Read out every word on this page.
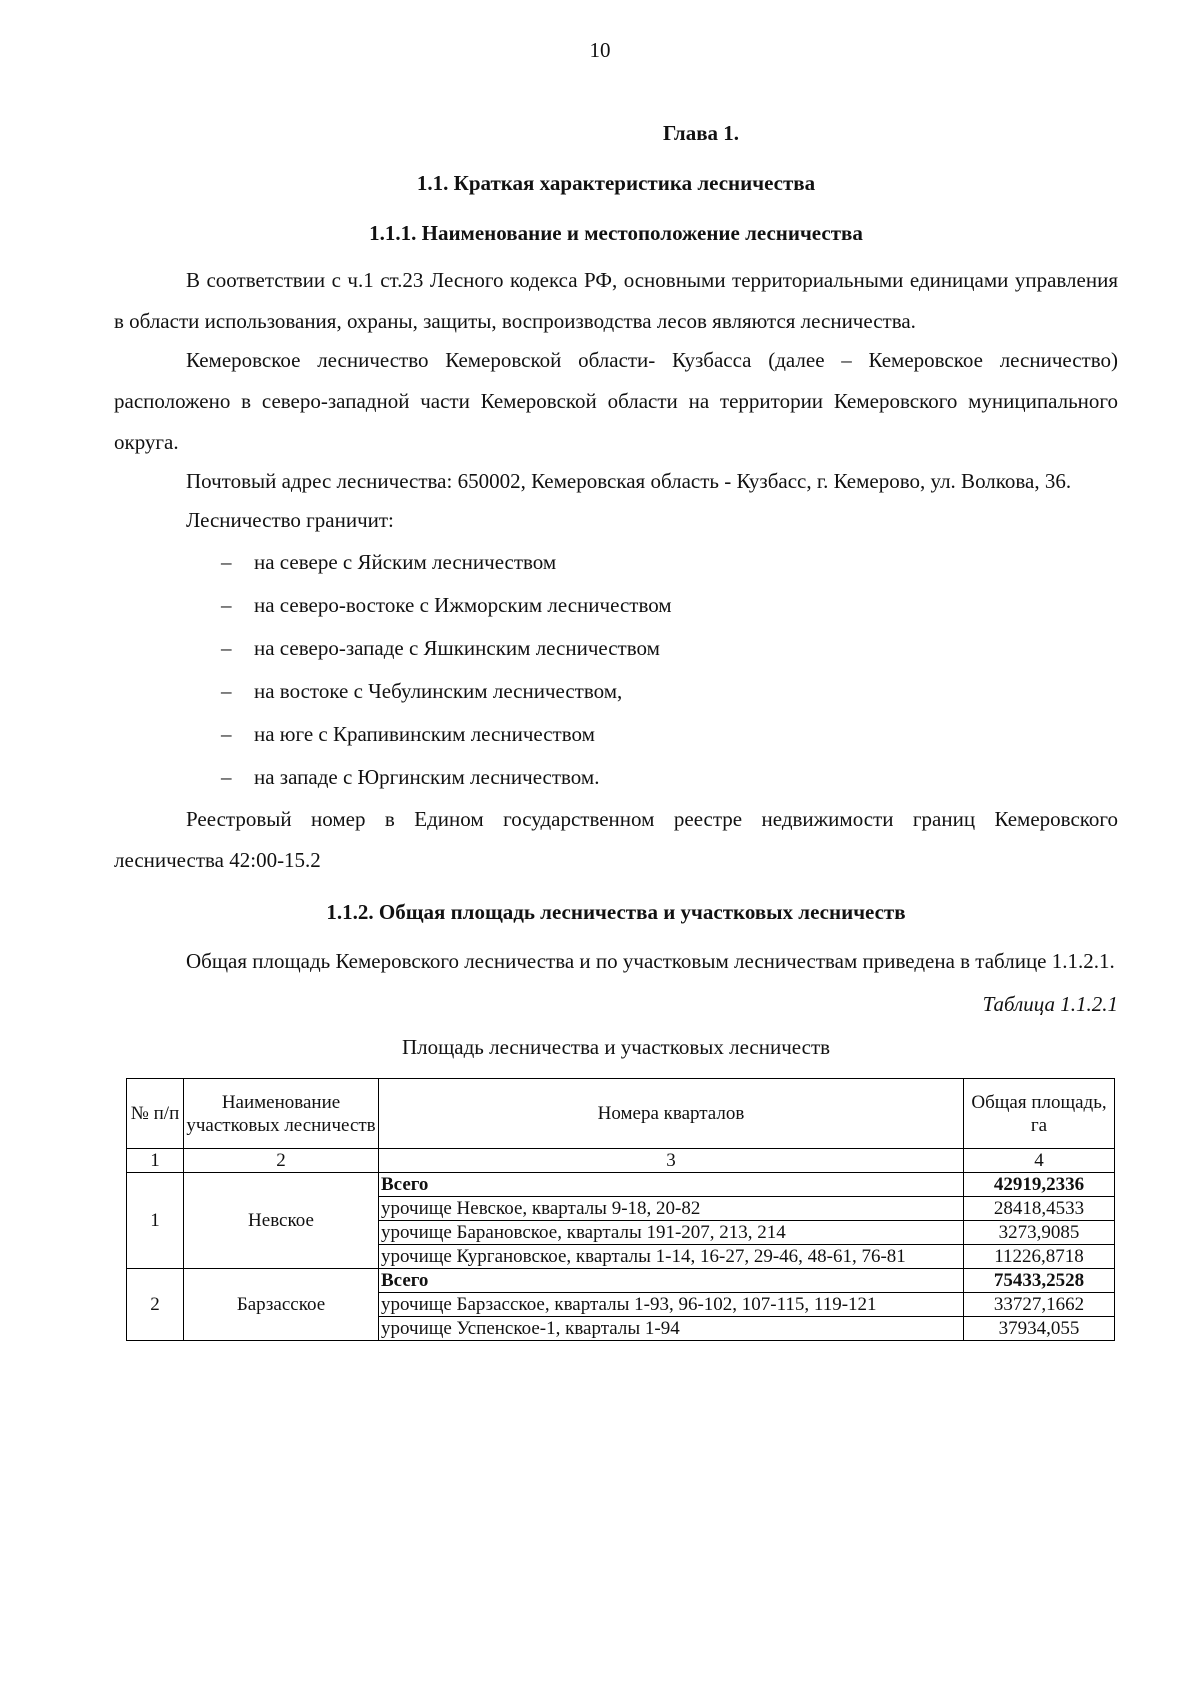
10
Глава 1.
1.1. Краткая характеристика лесничества
1.1.1. Наименование и местоположение лесничества

В соответствии с ч.1 ст.23 Лесного кодекса РФ, основными территориальными единицами управления в области использования, охраны, защиты, воспроизводства лесов являются лесничества.

Кемеровское лесничество Кемеровской области- Кузбасса (далее – Кемеровское лесничество) расположено в северо-западной части Кемеровской области на территории Кемеровского муниципального округа.

Почтовый адрес лесничества: 650002, Кемеровская область - Кузбасс, г. Кемерово, ул. Волкова, 36.

Лесничество граничит:

– на севере с Яйским лесничеством
– на северо-востоке с Ижморским лесничеством
– на северо-западе с Яшкинским лесничеством
– на востоке с Чебулинским лесничеством,
– на юге с Крапивинским лесничеством
– на западе с Юргинским лесничеством.

Реестровый номер в Едином государственном реестре недвижимости границ Кемеровского лесничества 42:00-15.2

1.1.2. Общая площадь лесничества и участковых лесничеств

Общая площадь Кемеровского лесничества и по участковым лесничествам приведена в таблице 1.1.2.1.

Таблица 1.1.2.1
Площадь лесничества и участковых лесничеств
№ п/п	Наименование участковых лесничеств	Номера кварталов	Общая площадь, га
1	2	3	4
1	Невское	Всего	42919,2336
		урочище Невское, кварталы 9-18, 20-82	28418,4533
		урочище Барановское, кварталы 191-207, 213, 214	3273,9085
		урочище Кургановское, кварталы 1-14, 16-27, 29-46, 48-61, 76-81	11226,8718
2	Барзасское	Всего	75433,2528
		урочище Барзасское, кварталы 1-93, 96-102, 107-115, 119-121	33727,1662
		урочище Успенское-1, кварталы 1-94	37934,055
